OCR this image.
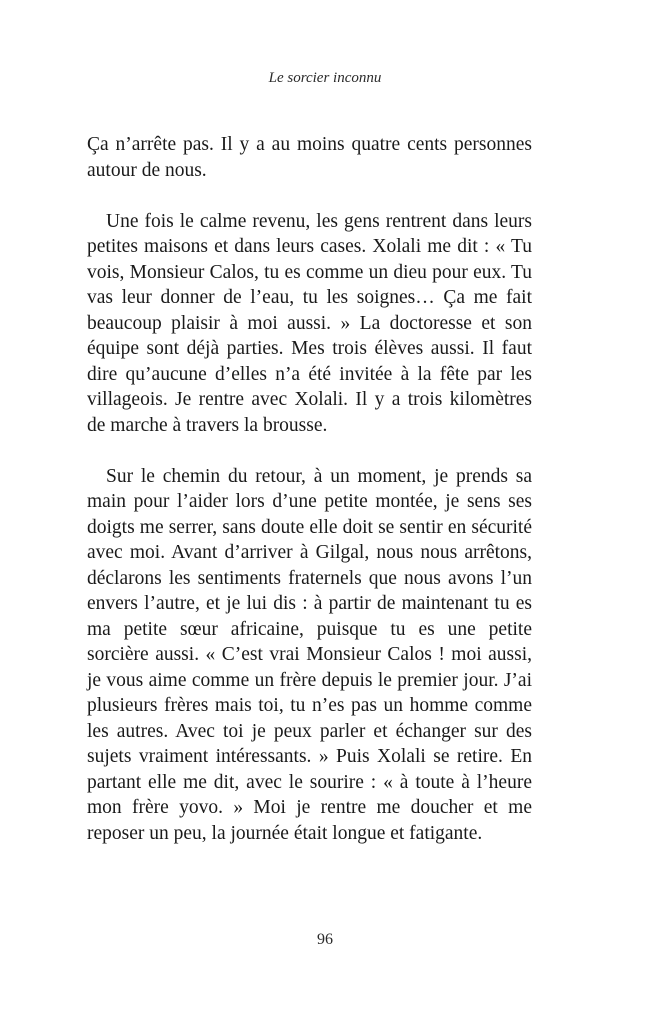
Le sorcier inconnu

Ça n’arrête pas. Il y a au moins quatre cents personnes autour de nous.

Une fois le calme revenu, les gens rentrent dans leurs petites maisons et dans leurs cases. Xolali me dit : « Tu vois, Monsieur Calos, tu es comme un dieu pour eux. Tu vas leur donner de l’eau, tu les soignes… Ça me fait beaucoup plaisir à moi aussi. » La doctoresse et son équipe sont déjà parties. Mes trois élèves aussi. Il faut dire qu’aucune d’elles n’a été invitée à la fête par les villageois. Je rentre avec Xolali. Il y a trois kilomètres de marche à travers la brousse.

Sur le chemin du retour, à un moment, je prends sa main pour l’aider lors d’une petite montée, je sens ses doigts me serrer, sans doute elle doit se sentir en sécurité avec moi. Avant d’arriver à Gilgal, nous nous arrêtons, déclarons les sentiments fraternels que nous avons l’un envers l’autre, et je lui dis : à partir de maintenant tu es ma petite sœur africaine, puisque tu es une petite sorcière aussi. « C’est vrai Monsieur Calos ! moi aussi, je vous aime comme un frère depuis le premier jour. J’ai plusieurs frères mais toi, tu n’es pas un homme comme les autres. Avec toi je peux parler et échanger sur des sujets vraiment intéressants. » Puis Xolali se retire. En partant elle me dit, avec le sourire : « à toute à l’heure mon frère yovo. » Moi je rentre me doucher et me reposer un peu, la journée était longue et fatigante.

96
